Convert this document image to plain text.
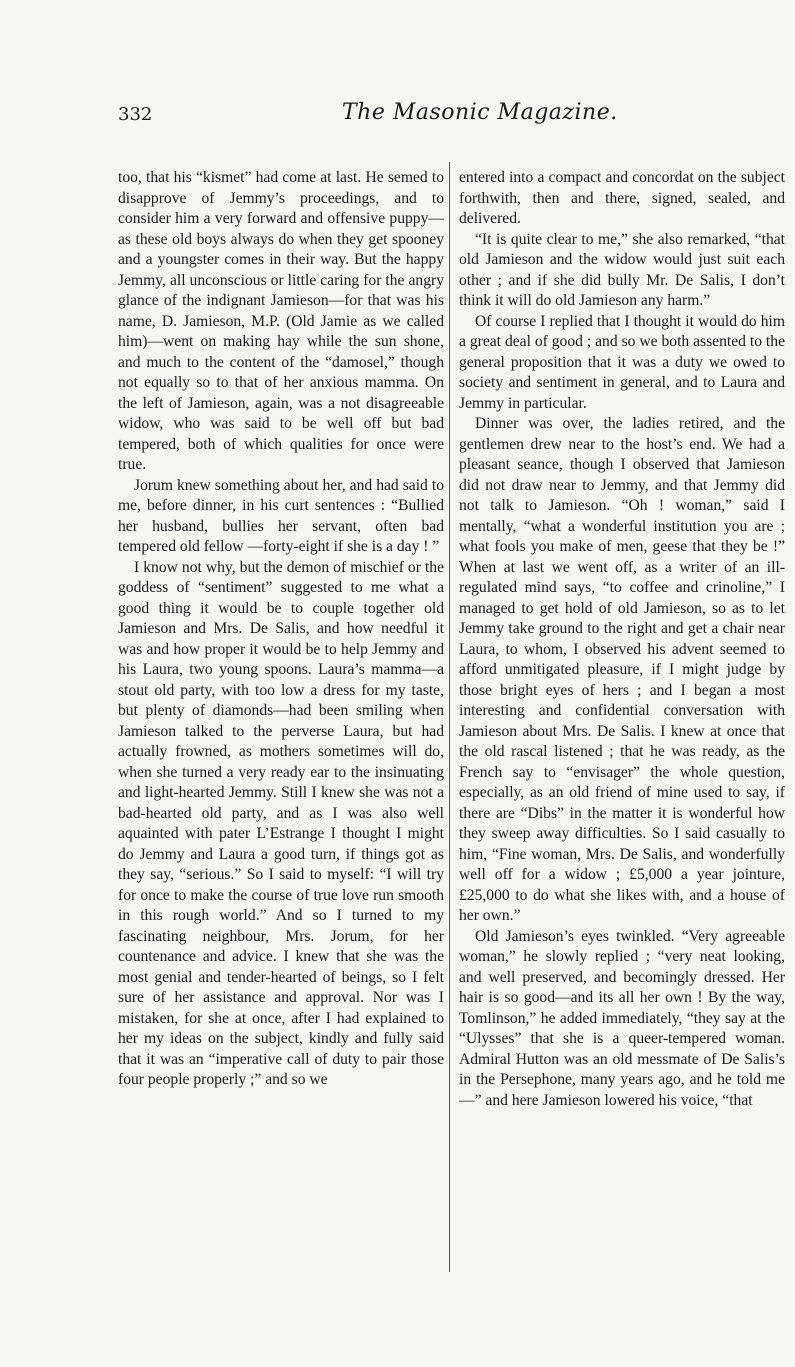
332	The Masonic Magazine.

too, that his “kismet” had come at last. He semed to disapprove of Jemmy’s proceedings, and to consider him a very forward and offensive puppy—as these old boys always do when they get spooney and a youngster comes in their way. But the happy Jemmy, all unconscious or little caring for the angry glance of the indignant Jamieson—for that was his name, D. Jamieson, M.P. (Old Jamie as we called him)—went on making hay while the sun shone, and much to the content of the “damosel,” though not equally so to that of her anxious mamma. On the left of Jamieson, again, was a not disagreeable widow, who was said to be well off but bad tempered, both of which qualities for once were true.

Jorum knew something about her, and had said to me, before dinner, in his curt sentences : “Bullied her husband, bullies her servant, often bad tempered old fellow —forty-eight if she is a day ! ”

I know not why, but the demon of mischief or the goddess of “sentiment” suggested to me what a good thing it would be to couple together old Jamieson and Mrs. De Salis, and how needful it was and how proper it would be to help Jemmy and his Laura, two young spoons. Laura’s mamma—a stout old party, with too low a dress for my taste, but plenty of diamonds—had been smiling when Jamieson talked to the perverse Laura, but had actually frowned, as mothers sometimes will do, when she turned a very ready ear to the insinuating and light-hearted Jemmy. Still I knew she was not a bad-hearted old party, and as I was also well aquainted with pater L’Estrange I thought I might do Jemmy and Laura a good turn, if things got as they say, “serious.” So I said to myself: “I will try for once to make the course of true love run smooth in this rough world.” And so I turned to my fascinating neighbour, Mrs. Jorum, for her countenance and advice. I knew that she was the most genial and tender-hearted of beings, so I felt sure of her assistance and approval. Nor was I mistaken, for she at once, after I had explained to her my ideas on the subject, kindly and fully said that it was an “imperative call of duty to pair those four people properly ;” and so we

entered into a compact and concordat on the subject forthwith, then and there, signed, sealed, and delivered.

“It is quite clear to me,” she also remarked, “that old Jamieson and the widow would just suit each other ; and if she did bully Mr. De Salis, I don’t think it will do old Jamieson any harm.”

Of course I replied that I thought it would do him a great deal of good ; and so we both assented to the general proposition that it was a duty we owed to society and sentiment in general, and to Laura and Jemmy in particular.

Dinner was over, the ladies retired, and the gentlemen drew near to the host’s end. We had a pleasant seance, though I observed that Jamieson did not draw near to Jemmy, and that Jemmy did not talk to Jamieson. “Oh ! woman,” said I mentally, “what a wonderful institution you are ; what fools you make of men, geese that they be !” When at last we went off, as a writer of an ill-regulated mind says, “to coffee and crinoline,” I managed to get hold of old Jamieson, so as to let Jemmy take ground to the right and get a chair near Laura, to whom, I observed his advent seemed to afford unmitigated pleasure, if I might judge by those bright eyes of hers ; and I began a most interesting and confidential conversation with Jamieson about Mrs. De Salis. I knew at once that the old rascal listened ; that he was ready, as the French say to “envisager” the whole question, especially, as an old friend of mine used to say, if there are “Dibs” in the matter it is wonderful how they sweep away difficulties. So I said casually to him, “Fine woman, Mrs. De Salis, and wonderfully well off for a widow ; £5,000 a year jointure, £25,000 to do what she likes with, and a house of her own.”

Old Jamieson’s eyes twinkled. “Very agreeable woman,” he slowly replied ; “very neat looking, and well preserved, and becomingly dressed. Her hair is so good—and its all her own ! By the way, Tomlinson,” he added immediately, “they say at the “Ulysses” that she is a queer-tempered woman. Admiral Hutton was an old messmate of De Salis’s in the Persephone, many years ago, and he told me—” and here Jamieson lowered his voice, “that
